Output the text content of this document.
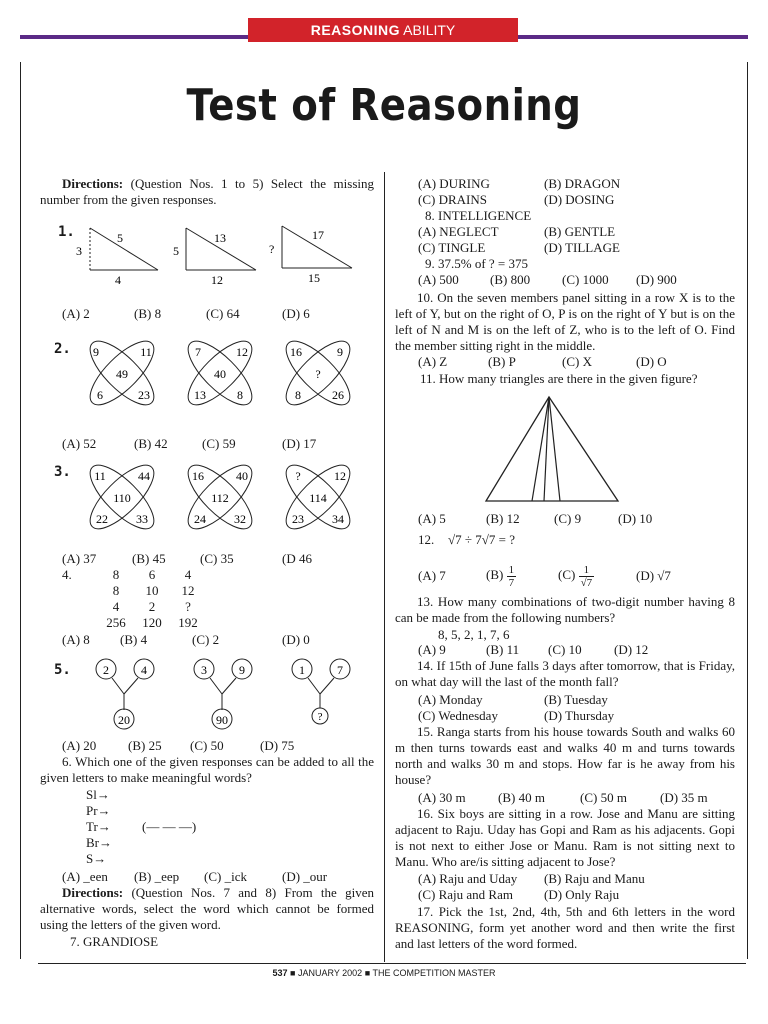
REASONING ABILITY
Test of Reasoning
Directions: (Question Nos. 1 to 5) Select the missing number from the given responses.
1.
3
5
4
5
13
12
?
17
15
(A) 2	(B) 8	(C) 64	(D) 6
2. 9	11
6	23
49
7	12
13	8
40
16	9
8	26
?
(A) 52	(B) 42	(C) 59	(D) 17
3. 11	44
22 33
110
16	40
24 32
112
?	12
23 34
114
(A) 37	(B) 45	(C) 35	(D 46
4.	8	6	4
8	10	12
4	2	?
256	120	192
(A) 8 (B) 4	(C) 2	(D) 0
5.	2	4
20
3	9
90
1	7
?
(A) 20 (B) 25 (C) 50	(D) 75
6. Which one of the given responses can be added to all the given letters to make meaningful words?
Sl→
Pr→
Tr→ (— — —)
Br→
S→
(A) _een (B) _eep (C) _ick	(D) _our
Directions: (Question Nos. 7 and 8) From the given alternative words, select the word which cannot be formed using the letters of the given word.
7. GRANDIOSE
(A) DURING	(B) DRAGON
(C) DRAINS	(D) DOSING
8. INTELLIGENCE
(A) NEGLECT	(B) GENTLE
(C) TINGLE	(D) TILLAGE
9. 37.5% of ? = 375
(A) 500 (B) 800 (C) 1000 (D) 900
10. On the seven members panel sitting in a row X is to the left of Y, but on the right of O, P is on the right of Y but is on the left of N and M is on the left of Z, who is to the left of O. Find the member sitting right in the middle.
(A) Z	(B) P	(C) X	(D) O
11. How many triangles are there in the given figure?
(A) 5	(B) 12	(C) 9	(D) 10
12. √7 ÷ 7√7 = ?
(A) 7	$(B) \frac{1}{7}$	$(C) \frac{1}{√7}$	(D) √7
13. How many combinations of two-digit number having 8 can be made from the following numbers?
8, 5, 2, 1, 7, 6
(A) 9	(B) 11 (C) 10 (D) 12
14. If 15th of June falls 3 days after tomorrow, that is Friday, on what day will the last of the month fall?
(A) Monday	(B) Tuesday
(C) Wednesday	(D) Thursday
15. Ranga starts from his house towards South and walks 60 m then turns towards east and walks 40 m and turns towards north and walks 30 m and stops. How far is he away from his house?
(A) 30 m (B) 40 m	(C) 50 m	(D) 35 m
16. Six boys are sitting in a row. Jose and Manu are sitting adjacent to Raju. Uday has Gopi and Ram as his adjacents. Gopi is not next to either Jose or Manu. Ram is not sitting next to Manu. Who are/is sitting adjacent to Jose?
(A) Raju and Uday (B) Raju and Manu
(C) Raju and Ram (D) Only Raju
17. Pick the 1st, 2nd, 4th, 5th and 6th letters in the word REASONING, form yet another word and then write the first and last letters of the word formed.
537 ■ JANUARY 2002 ■ THE COMPETITION MASTER
